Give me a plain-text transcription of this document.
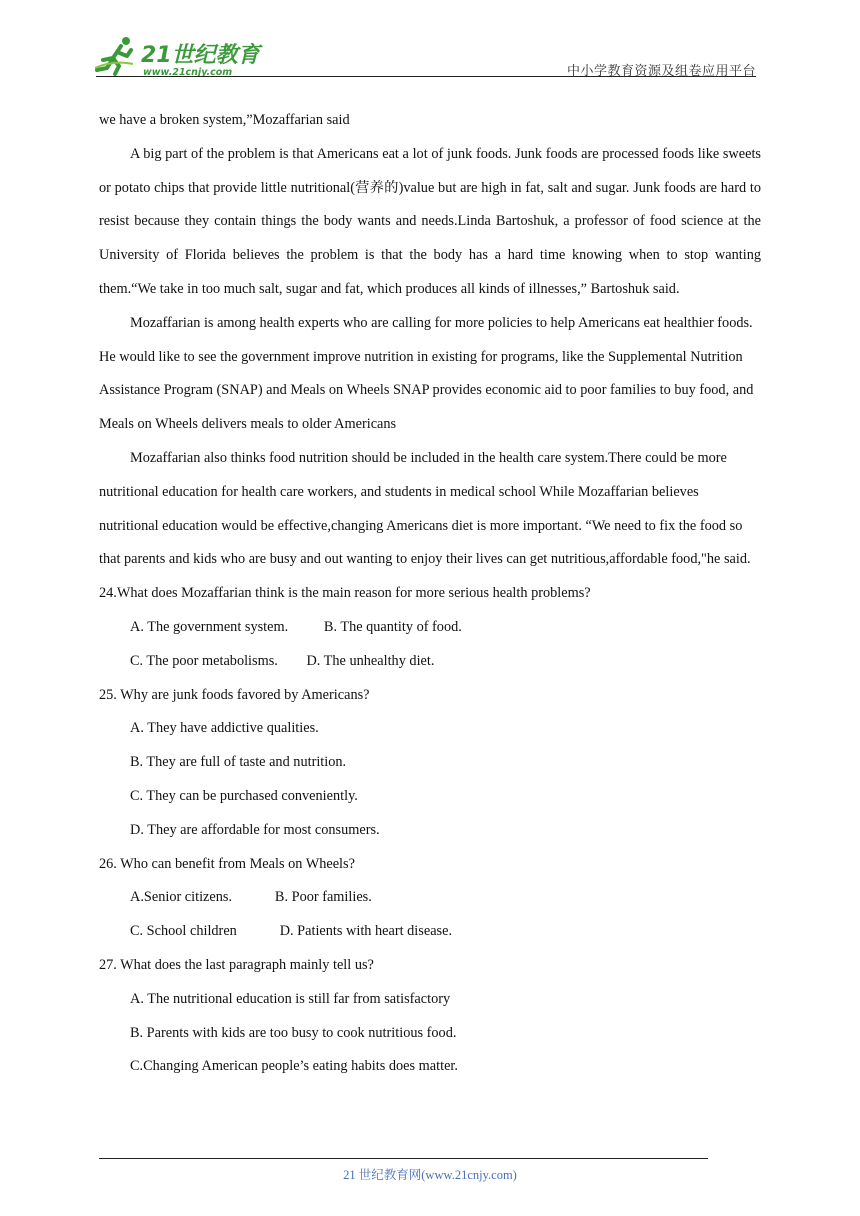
21世纪教育
www.21cnjy.com	中小学教育资源及组卷应用平台

we have a broken system,”Mozaffarian said

A big part of the problem is that Americans eat a lot of junk foods. Junk foods are processed foods like sweets or potato chips that provide little nutritional(营养的)value but are high in fat, salt and sugar. Junk foods are hard to resist because they contain things the body wants and needs.Linda Bartoshuk, a professor of food science at the University of Florida believes the problem is that the body has a hard time knowing when to stop wanting them.“We take in too much salt, sugar and fat, which produces all kinds of illnesses,” Bartoshuk said.

Mozaffarian is among health experts who are calling for more policies to help Americans eat healthier foods. He would like to see the government improve nutrition in existing for programs, like the Supplemental Nutrition Assistance Program (SNAP) and Meals on Wheels SNAP provides economic aid to poor families to buy food, and Meals on Wheels delivers meals to older Americans

Mozaffarian also thinks food nutrition should be included in the health care system.There could be more nutritional education for health care workers, and students in medical school While Mozaffarian believes nutritional education would be effective,changing Americans diet is more important. “We need to fix the food so that parents and kids who are busy and out wanting to enjoy their lives can get nutritious,affordable food,"he said.

24.What does Mozaffarian think is the main reason for more serious health problems?

A. The government system.          B. The quantity of food.

C. The poor metabolisms.        D. The unhealthy diet.

25. Why are junk foods favored by Americans?

A. They have addictive qualities.

B. They are full of taste and nutrition.

C. They can be purchased conveniently.

D. They are affordable for most consumers.

26. Who can benefit from Meals on Wheels?

A.Senior citizens.            B. Poor families.

C. School children            D. Patients with heart disease.

27. What does the last paragraph mainly tell us?

A. The nutritional education is still far from satisfactory

B. Parents with kids are too busy to cook nutritious food.

C.Changing American people’s eating habits does matter.

21 世纪教育网(www.21cnjy.com)
